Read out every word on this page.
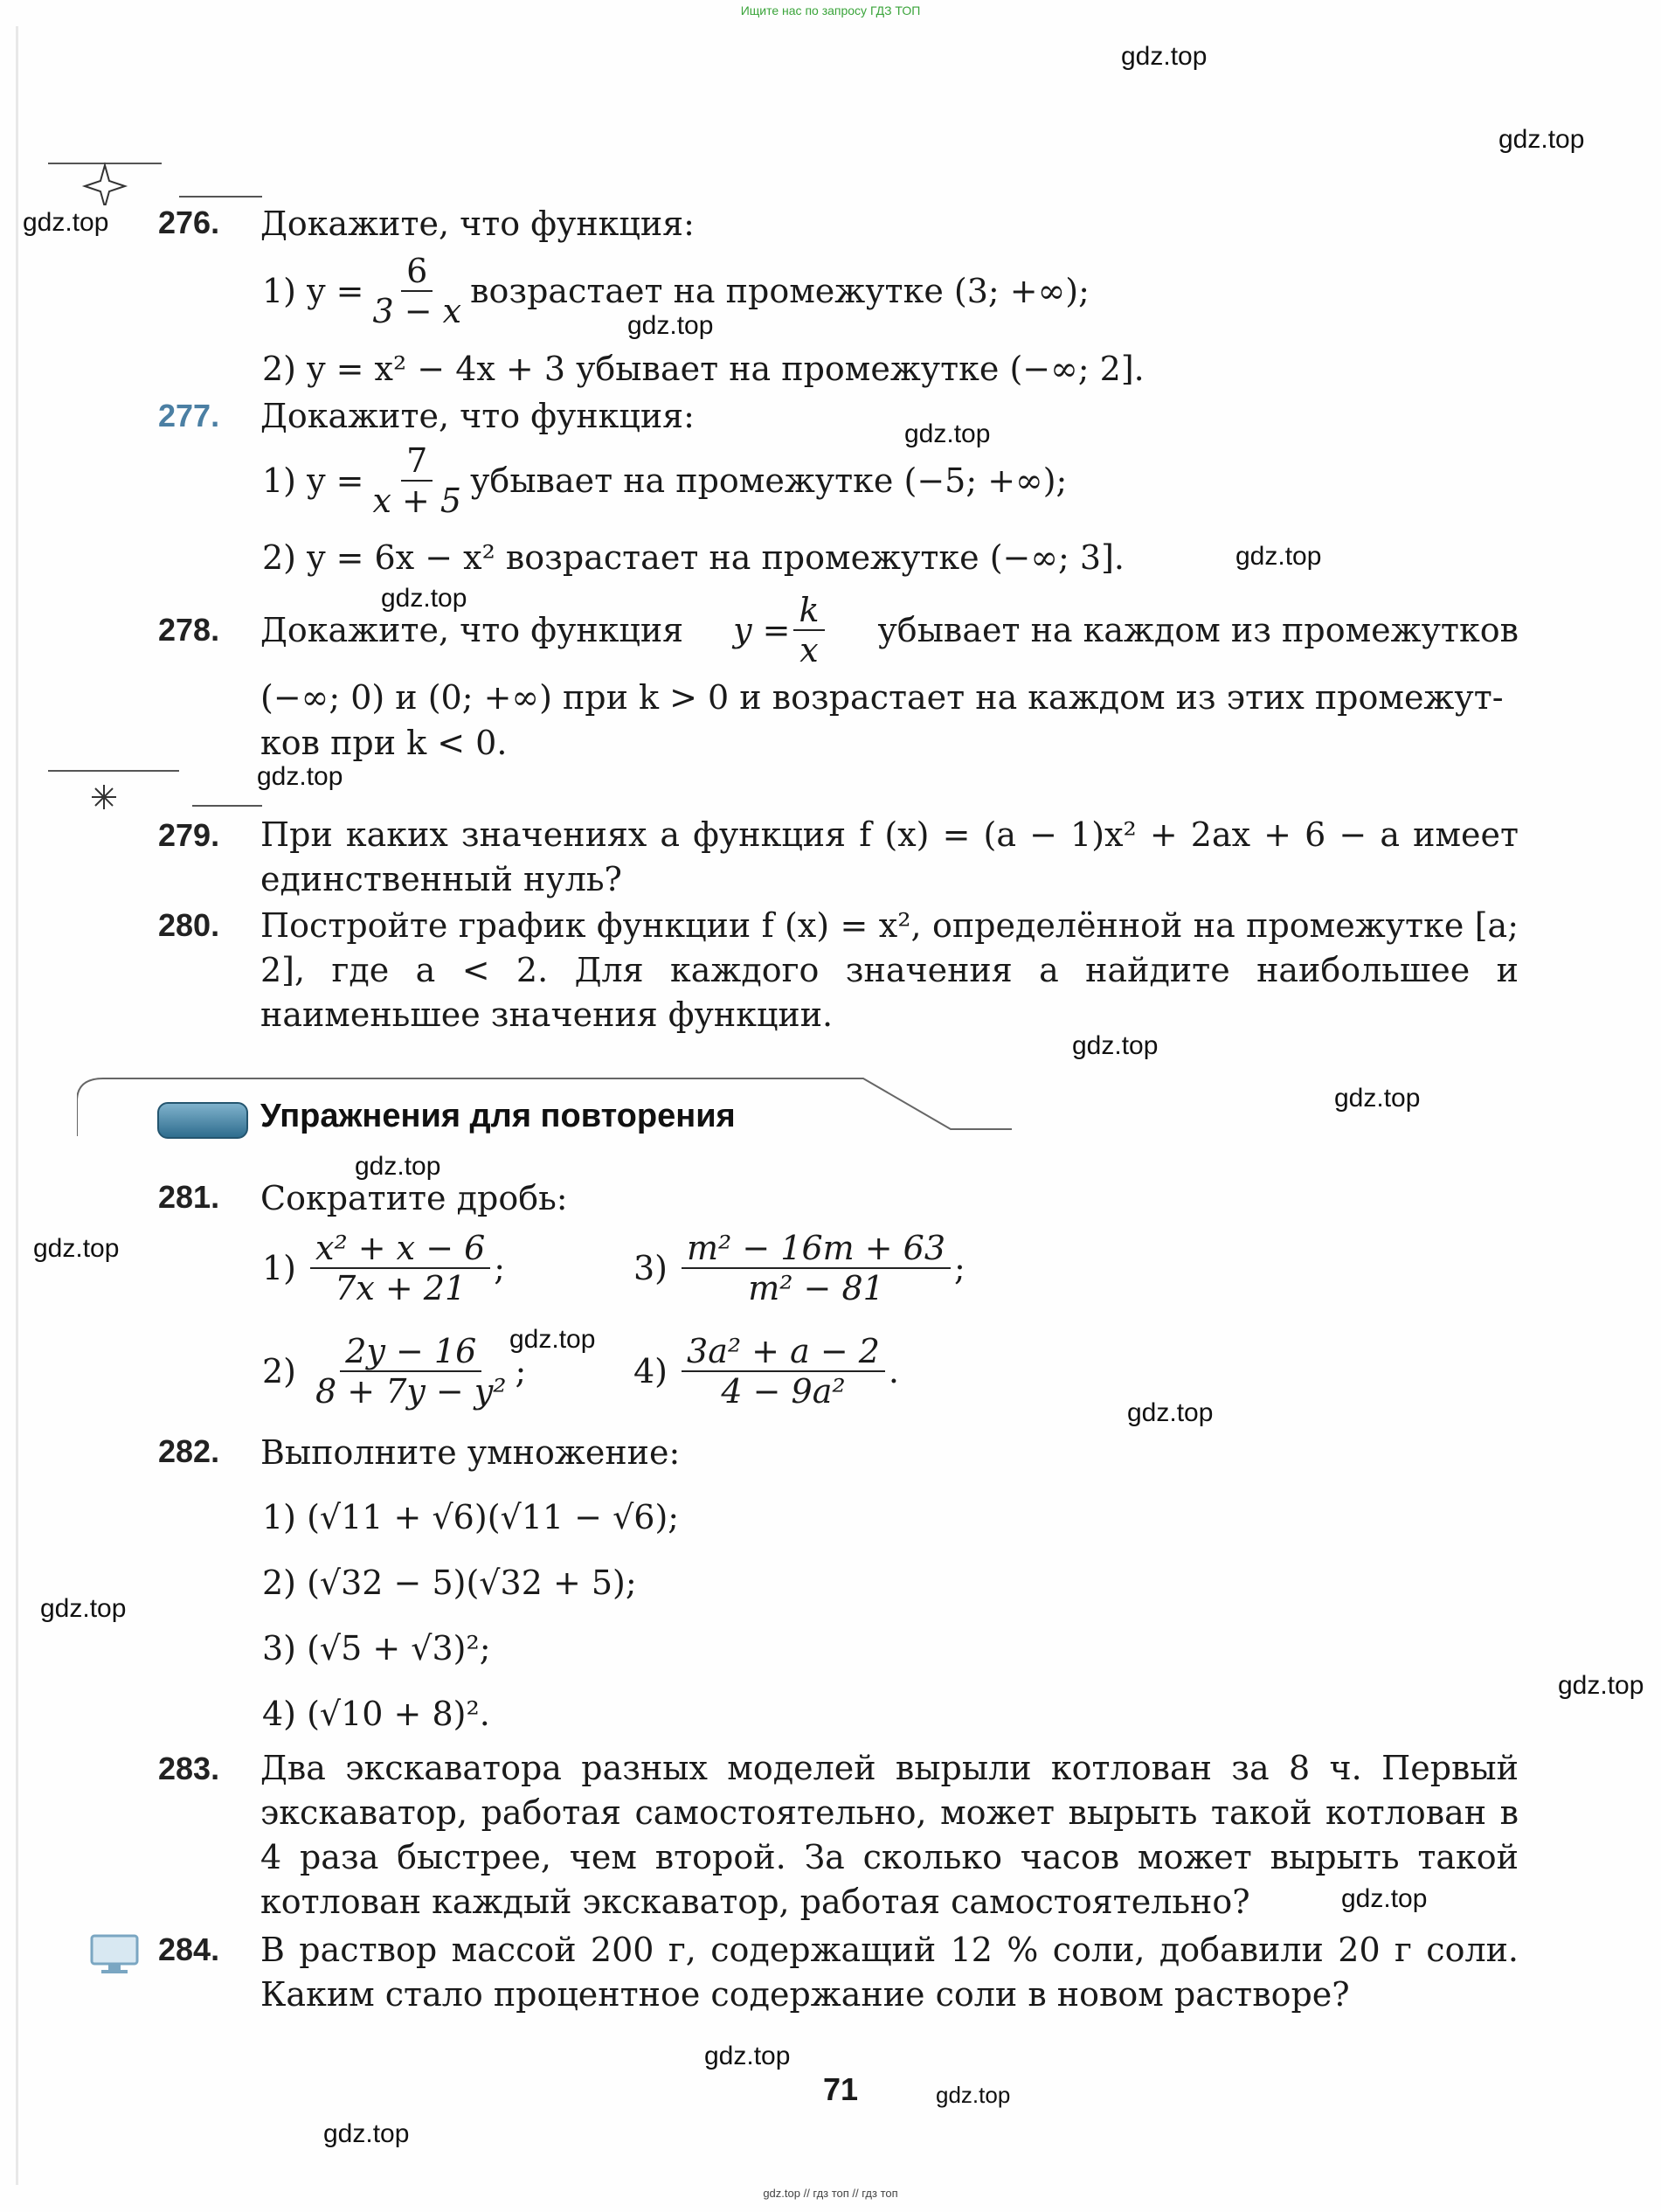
Ищите нас по запросу ГДЗ ТОП
gdz.top
gdz.top
gdz.top
gdz.top
gdz.top
gdz.top
gdz.top
gdz.top
gdz.top
gdz.top
gdz.top
gdz.top
gdz.top
gdz.top
gdz.top
gdz.top
gdz.top
gdz.top
gdz.top
gdz.top
276. Докажите, что функция:
1) $y = \frac{6}{3 - x}$ возрастает на промежутке (3; +∞);
2) y = x² − 4x + 3 убывает на промежутке (−∞; 2].
277. Докажите, что функция:
1) $y = \frac{7}{x + 5}$ убывает на промежутке (−5; +∞);
2) y = 6x − x² возрастает на промежутке (−∞; 3].
278. Докажите, что функция $y = \frac{k}{x}$ убывает на каждом из промежутков
(−∞; 0) и (0; +∞) при k > 0 и возрастает на каждом из этих промежут-
ков при k < 0.
279. При каких значениях a функция f (x) = (a − 1)x² + 2ax + 6 − a имеет единственный нуль?
280. Постройте график функции f (x) = x², определённой на промежутке [a; 2], где a < 2. Для каждого значения a найдите наибольшее и наименьшее значения функции.
Упражнения для повторения
281. Сократите дробь:
$1) \frac{\text{x² + x − 6}}{7x + 21}$ ;	$3) \frac{\text{m² − 16m + 63}}{\text{m² − 81}}$ ;
$2) \frac{2y - 16}{\text{8 + 7y − y²}}$ ;	$4) \frac{\text{3a² + a − 2}}{\text{4 − 9a²}}$ .
282. Выполните умножение:
1) (√11 + √6)(√11 − √6);
2) (√32 − 5)(√32 + 5);
3) (√5 + √3)²;
4) (√10 + 8)².
283. Два экскаватора разных моделей вырыли котлован за 8 ч. Первый экскаватор, работая самостоятельно, может вырыть такой котлован в 4 раза быстрее, чем второй. За сколько часов может вырыть такой котлован каждый экскаватор, работая самостоятельно?
284. В раствор массой 200 г, содержащий 12 % соли, добавили 20 г соли. Каким стало процентное содержание соли в новом растворе?
71
gdz.top // гдз топ // гдз топ
